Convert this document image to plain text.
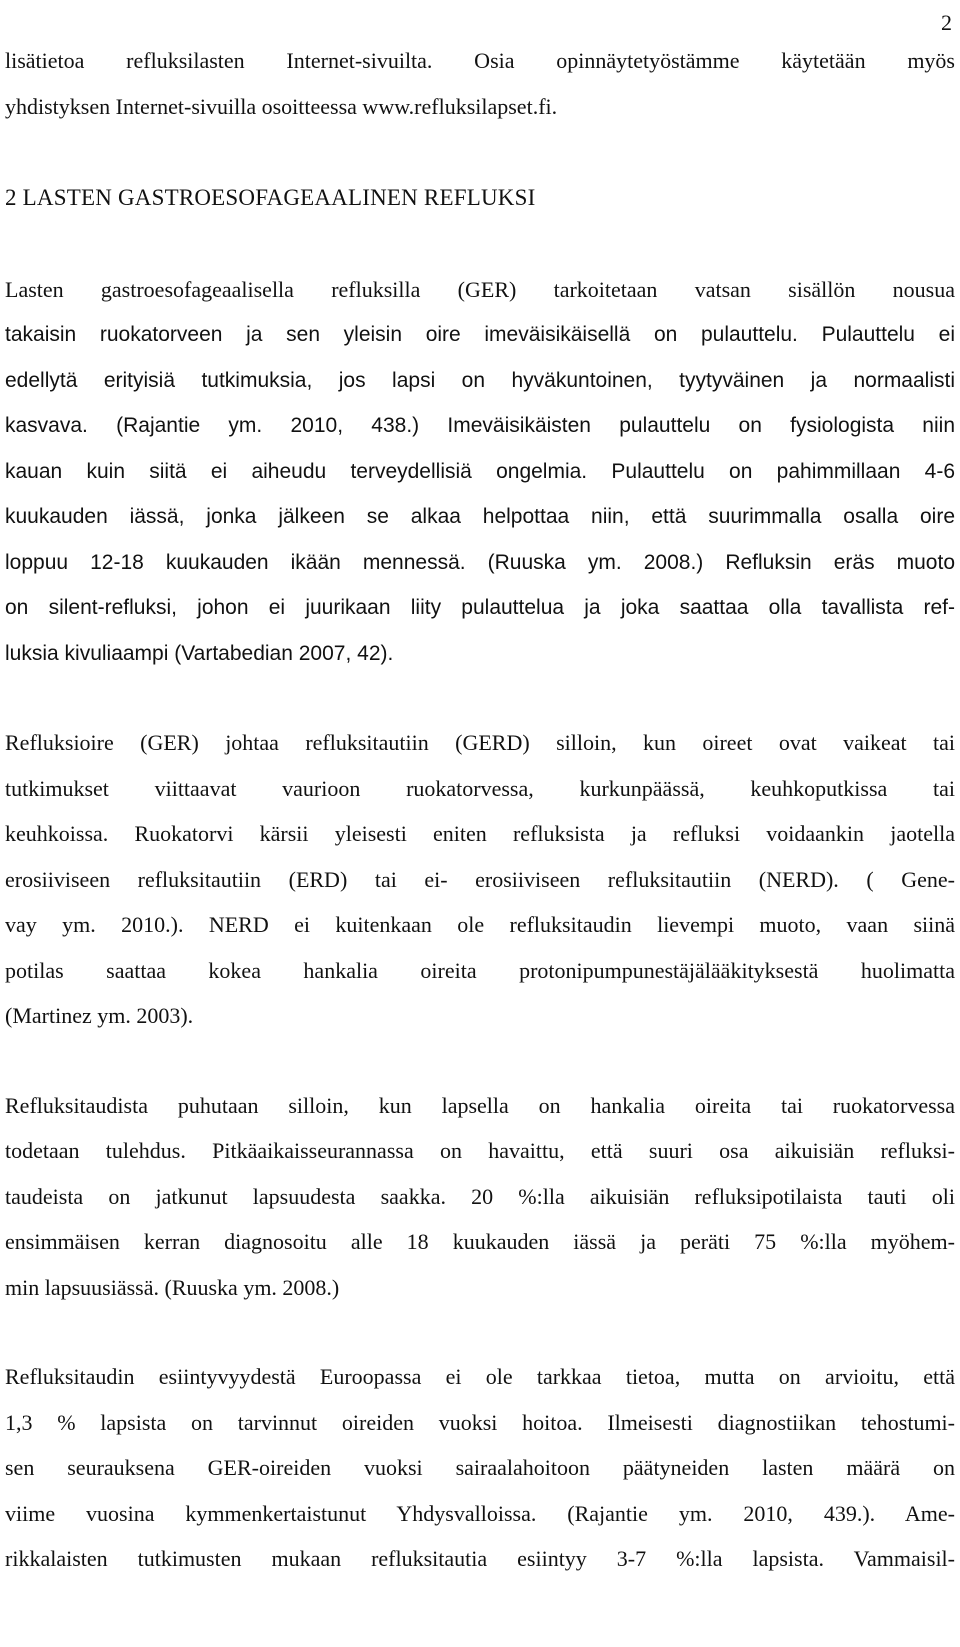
2
lisätietoa refluksilasten Internet-sivuilta. Osia opinnäytetyöstämme käytetään myös
yhdistyksen Internet-sivuilla osoitteessa www.refluksilapset.fi.
2 LASTEN GASTROESOFAGEAALINEN REFLUKSI
Lasten gastroesofageaalisella refluksilla (GER) tarkoitetaan vatsan sisällön nousua
takaisin ruokatorveen ja sen yleisin oire imeväisikäisellä on pulauttelu. Pulauttelu ei
edellytä erityisiä tutkimuksia, jos lapsi on hyväkuntoinen, tyytyväinen ja normaalisti
kasvava. (Rajantie ym. 2010, 438.) Imeväisikäisten pulauttelu on fysiologista niin
kauan kuin siitä ei aiheudu terveydellisiä ongelmia. Pulauttelu on pahimmillaan 4-6
kuukauden iässä, jonka jälkeen se alkaa helpottaa niin, että suurimmalla osalla oire
loppuu 12-18 kuukauden ikään mennessä. (Ruuska ym. 2008.) Refluksin eräs muoto
on silent-refluksi, johon ei juurikaan liity pulauttelua ja joka saattaa olla tavallista ref-
luksia kivuliaampi (Vartabedian 2007, 42).
Refluksioire (GER) johtaa refluksitautiin (GERD) silloin, kun oireet ovat vaikeat tai
tutkimukset viittaavat vaurioon ruokatorvessa, kurkunpäässä, keuhkoputkissa tai
keuhkoissa. Ruokatorvi kärsii yleisesti eniten refluksista ja refluksi voidaankin jaotella
erosiiviseen refluksitautiin (ERD) tai ei- erosiiviseen refluksitautiin (NERD). ( Gene-
vay ym. 2010.). NERD ei kuitenkaan ole refluksitaudin lievempi muoto, vaan siinä
potilas saattaa kokea hankalia oireita protonipumpunestäjälääkityksestä huolimatta
(Martinez ym. 2003).
Refluksitaudista puhutaan silloin, kun lapsella on hankalia oireita tai ruokatorvessa
todetaan tulehdus. Pitkäaikaisseurannassa on havaittu, että suuri osa aikuisiän refluksi-
taudeista on jatkunut lapsuudesta saakka. 20 %:lla aikuisiän refluksipotilaista tauti oli
ensimmäisen kerran diagnosoitu alle 18 kuukauden iässä ja peräti 75 %:lla myöhem-
min lapsuusiässä. (Ruuska ym. 2008.)
Refluksitaudin esiintyvyydestä Euroopassa ei ole tarkkaa tietoa, mutta on arvioitu, että
1,3 % lapsista on tarvinnut oireiden vuoksi hoitoa. Ilmeisesti diagnostiikan tehostumi-
sen seurauksena GER-oireiden vuoksi sairaalahoitoon päätyneiden lasten määrä on
viime vuosina kymmenkertaistunut Yhdysvalloissa. (Rajantie ym. 2010, 439.). Ame-
rikkalaisten tutkimusten mukaan refluksitautia esiintyy 3-7 %:lla lapsista. Vammaisil-
